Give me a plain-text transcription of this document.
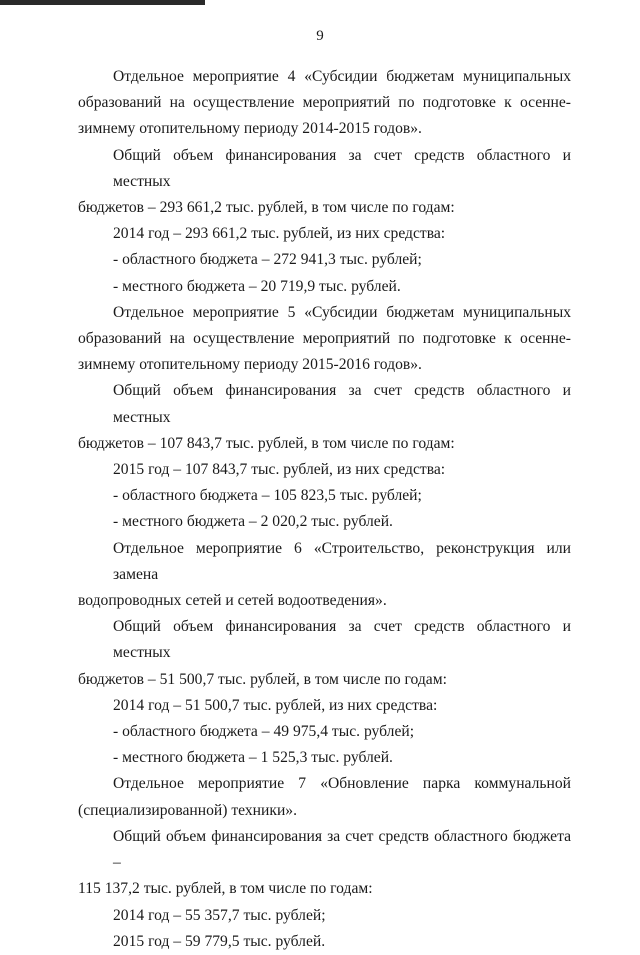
9
Отдельное мероприятие 4 «Субсидии бюджетам муниципальных
образований на осуществление мероприятий по подготовке к осенне-
зимнему отопительному периоду 2014-2015 годов».
Общий объем финансирования за счет средств областного и местных
бюджетов – 293 661,2 тыс. рублей, в том числе по годам:
2014 год – 293 661,2 тыс. рублей, из них средства:
- областного бюджета – 272 941,3 тыс. рублей;
- местного бюджета – 20 719,9 тыс. рублей.
Отдельное мероприятие 5 «Субсидии бюджетам муниципальных
образований на осуществление мероприятий по подготовке к осенне-
зимнему отопительному периоду 2015-2016 годов».
Общий объем финансирования за счет средств областного и местных
бюджетов – 107 843,7 тыс. рублей, в том числе по годам:
2015 год – 107 843,7 тыс. рублей, из них средства:
- областного бюджета – 105 823,5 тыс. рублей;
- местного бюджета – 2 020,2 тыс. рублей.
Отдельное мероприятие 6 «Строительство, реконструкция или замена
водопроводных сетей и сетей водоотведения».
Общий объем финансирования за счет средств областного и местных
бюджетов – 51 500,7 тыс. рублей, в том числе по годам:
2014 год – 51 500,7 тыс. рублей, из них средства:
- областного бюджета – 49 975,4 тыс. рублей;
- местного бюджета – 1 525,3 тыс. рублей.
Отдельное мероприятие 7 «Обновление парка коммунальной
(специализированной) техники».
Общий объем финансирования за счет средств областного бюджета –
115 137,2 тыс. рублей, в том числе по годам:
2014 год – 55 357,7 тыс. рублей;
2015 год – 59 779,5 тыс. рублей.
